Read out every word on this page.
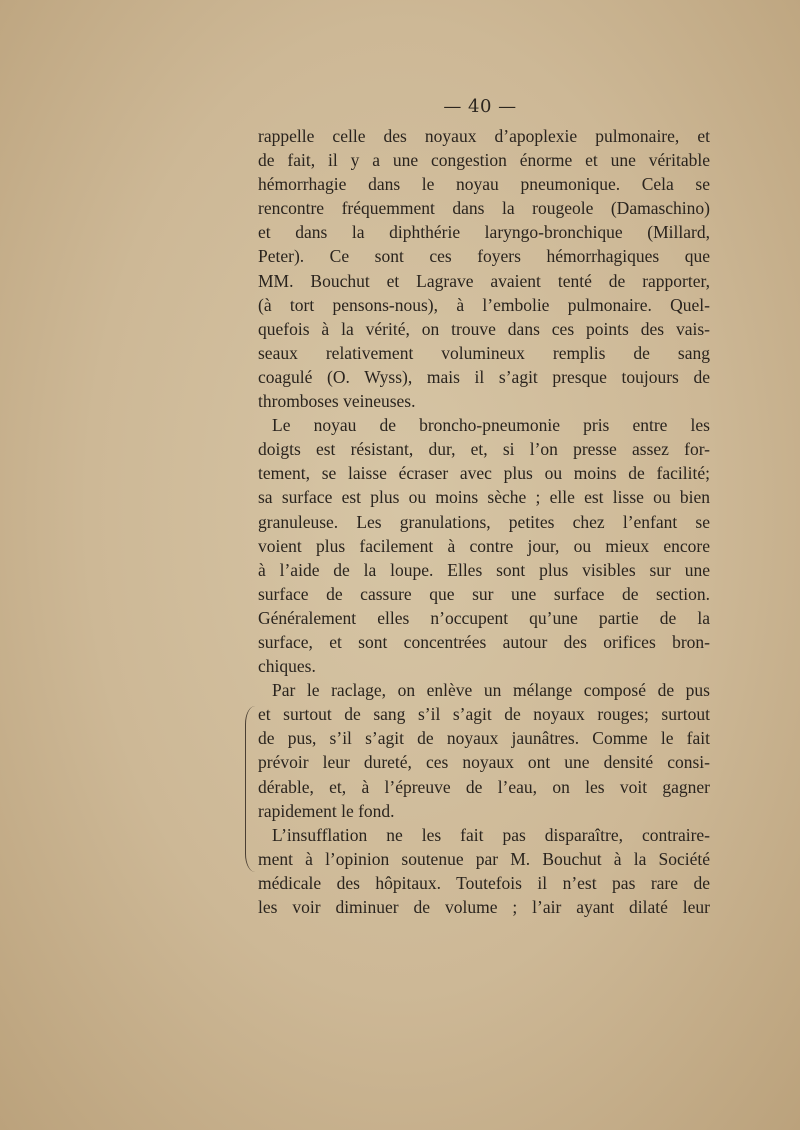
— 40 —
rappelle celle des noyaux d’apoplexie pulmonaire, et
de fait, il y a une congestion énorme et une véritable
hémorrhagie dans le noyau pneumonique. Cela se
rencontre fréquemment dans la rougeole (Damaschino)
et dans la diphthérie laryngo-bronchique (Millard,
Peter). Ce sont ces foyers hémorrhagiques que
MM. Bouchut et Lagrave avaient tenté de rapporter,
(à tort pensons-nous), à l’embolie pulmonaire. Quel-
quefois à la vérité, on trouve dans ces points des vais-
seaux relativement volumineux remplis de sang
coagulé (O. Wyss), mais il s’agit presque toujours de
thromboses veineuses.
Le noyau de broncho-pneumonie pris entre les
doigts est résistant, dur, et, si l’on presse assez for-
tement, se laisse écraser avec plus ou moins de facilité;
sa surface est plus ou moins sèche ; elle est lisse ou bien
granuleuse. Les granulations, petites chez l’enfant se
voient plus facilement à contre jour, ou mieux encore
à l’aide de la loupe. Elles sont plus visibles sur une
surface de cassure que sur une surface de section.
Généralement elles n’occupent qu’une partie de la
surface, et sont concentrées autour des orifices bron-
chiques.
Par le raclage, on enlève un mélange composé de pus
et surtout de sang s’il s’agit de noyaux rouges; surtout
de pus, s’il s’agit de noyaux jaunâtres. Comme le fait
prévoir leur dureté, ces noyaux ont une densité consi-
dérable, et, à l’épreuve de l’eau, on les voit gagner
rapidement le fond.
L’insufflation ne les fait pas disparaître, contraire-
ment à l’opinion soutenue par M. Bouchut à la Société
médicale des hôpitaux. Toutefois il n’est pas rare de
les voir diminuer de volume ; l’air ayant dilaté leur
